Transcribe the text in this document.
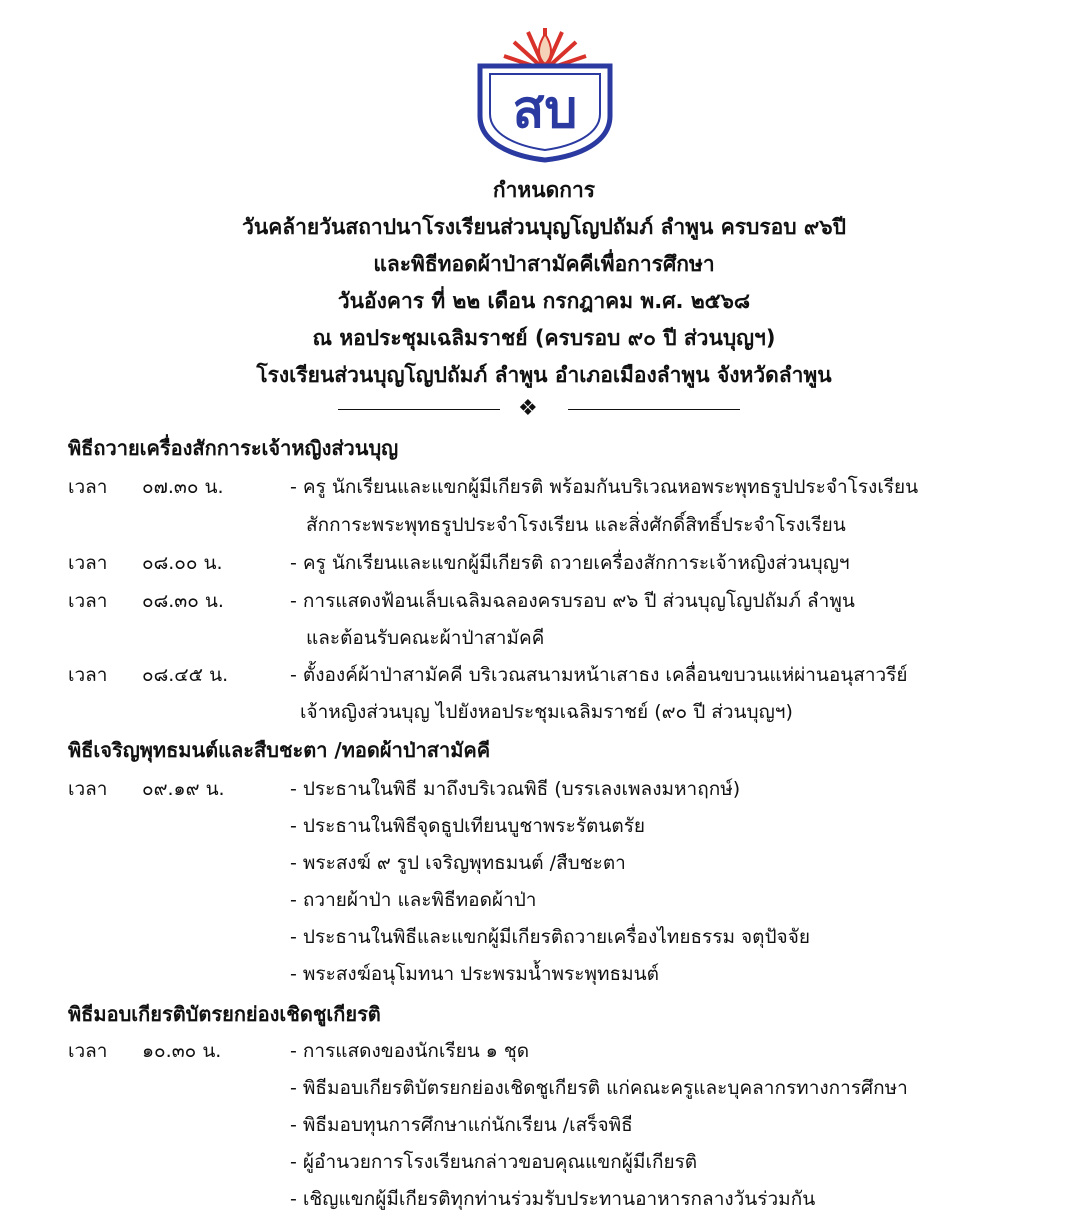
สบ
กำหนดการ
วันคล้ายวันสถาปนาโรงเรียนส่วนบุญโญปถัมภ์ ลำพูน ครบรอบ ๙๖ปี
และพิธีทอดผ้าป่าสามัคคีเพื่อการศึกษา
วันอังคาร ที่ ๒๒ เดือน กรกฎาคม พ.ศ. ๒๕๖๘
ณ หอประชุมเฉลิมราชย์ (ครบรอบ ๙๐ ปี ส่วนบุญฯ)
โรงเรียนส่วนบุญโญปถัมภ์ ลำพูน อำเภอเมืองลำพูน จังหวัดลำพูน
❖
พิธีถวายเครื่องสักการะเจ้าหญิงส่วนบุญ
เวลา ๐๗.๓๐ น.	- ครู นักเรียนและแขกผู้มีเกียรติ พร้อมกันบริเวณหอพระพุทธรูปประจำโรงเรียน
สักการะพระพุทธรูปประจำโรงเรียน และสิ่งศักดิ์สิทธิ์ประจำโรงเรียน
เวลา ๐๘.๐๐ น.	- ครู นักเรียนและแขกผู้มีเกียรติ ถวายเครื่องสักการะเจ้าหญิงส่วนบุญฯ
เวลา ๐๘.๓๐ น.	- การแสดงฟ้อนเล็บเฉลิมฉลองครบรอบ ๙๖ ปี ส่วนบุญโญปถัมภ์ ลำพูน
และต้อนรับคณะผ้าป่าสามัคคี
เวลา ๐๘.๔๕ น.	- ตั้งองค์ผ้าป่าสามัคคี บริเวณสนามหน้าเสาธง เคลื่อนขบวนแห่ผ่านอนุสาวรีย์
เจ้าหญิงส่วนบุญ ไปยังหอประชุมเฉลิมราชย์ (๙๐ ปี ส่วนบุญฯ)
พิธีเจริญพุทธมนต์และสืบชะตา /ทอดผ้าป่าสามัคคี
เวลา ๐๙.๑๙ น.	- ประธานในพิธี มาถึงบริเวณพิธี (บรรเลงเพลงมหาฤกษ์)
- ประธานในพิธีจุดธูปเทียนบูชาพระรัตนตรัย
- พระสงฆ์ ๙ รูป เจริญพุทธมนต์ /สืบชะตา
- ถวายผ้าป่า และพิธีทอดผ้าป่า
- ประธานในพิธีและแขกผู้มีเกียรติถวายเครื่องไทยธรรม จตุปัจจัย
- พระสงฆ์อนุโมทนา ประพรมน้ำพระพุทธมนต์
พิธีมอบเกียรติบัตรยกย่องเชิดชูเกียรติ
เวลา ๑๐.๓๐ น.	- การแสดงของนักเรียน ๑ ชุด
- พิธีมอบเกียรติบัตรยกย่องเชิดชูเกียรติ แก่คณะครูและบุคลากรทางการศึกษา
- พิธีมอบทุนการศึกษาแก่นักเรียน /เสร็จพิธี
- ผู้อำนวยการโรงเรียนกล่าวขอบคุณแขกผู้มีเกียรติ
- เชิญแขกผู้มีเกียรติทุกท่านร่วมรับประทานอาหารกลางวันร่วมกัน
